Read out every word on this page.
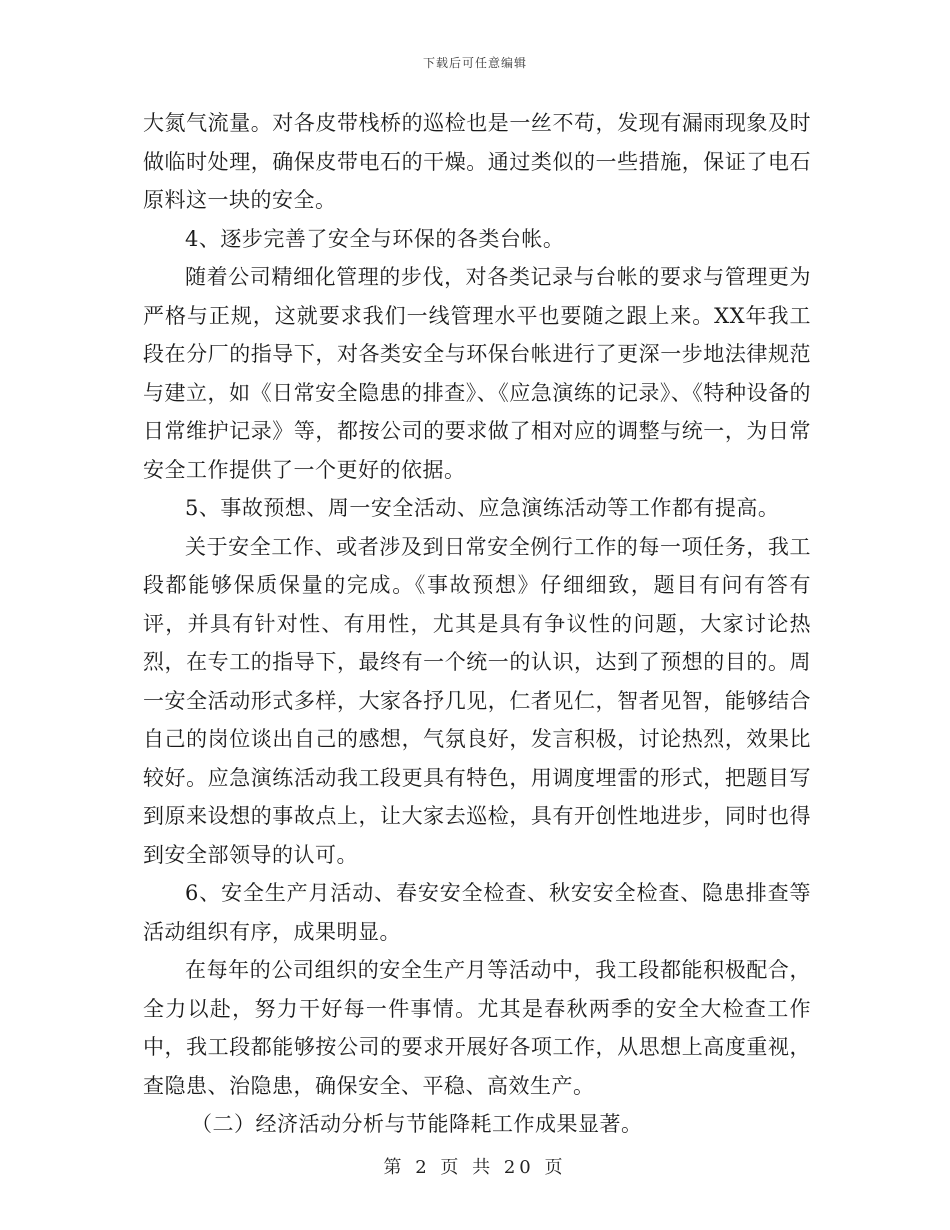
下载后可任意编辑

大氮气流量。对各皮带栈桥的巡检也是一丝不苟，发现有漏雨现象及时做临时处理，确保皮带电石的干燥。通过类似的一些措施，保证了电石原料这一块的安全。

4、逐步完善了安全与环保的各类台帐。

随着公司精细化管理的步伐，对各类记录与台帐的要求与管理更为严格与正规，这就要求我们一线管理水平也要随之跟上来。XX年我工段在分厂的指导下，对各类安全与环保台帐进行了更深一步地法律规范与建立，如《日常安全隐患的排查》、《应急演练的记录》、《特种设备的日常维护记录》等，都按公司的要求做了相对应的调整与统一，为日常安全工作提供了一个更好的依据。

5、事故预想、周一安全活动、应急演练活动等工作都有提高。

关于安全工作、或者涉及到日常安全例行工作的每一项任务，我工段都能够保质保量的完成。《事故预想》仔细细致，题目有问有答有评，并具有针对性、有用性，尤其是具有争议性的问题，大家讨论热烈，在专工的指导下，最终有一个统一的认识，达到了预想的目的。周一安全活动形式多样，大家各抒几见，仁者见仁，智者见智，能够结合自己的岗位谈出自己的感想，气氛良好，发言积极，讨论热烈，效果比较好。应急演练活动我工段更具有特色，用调度埋雷的形式，把题目写到原来设想的事故点上，让大家去巡检，具有开创性地进步，同时也得到安全部领导的认可。

6、安全生产月活动、春安安全检查、秋安安全检查、隐患排查等活动组织有序，成果明显。

在每年的公司组织的安全生产月等活动中，我工段都能积极配合，全力以赴，努力干好每一件事情。尤其是春秋两季的安全大检查工作中，我工段都能够按公司的要求开展好各项工作，从思想上高度重视，查隐患、治隐患，确保安全、平稳、高效生产。

（二）经济活动分析与节能降耗工作成果显著。

第 2 页 共 20 页
